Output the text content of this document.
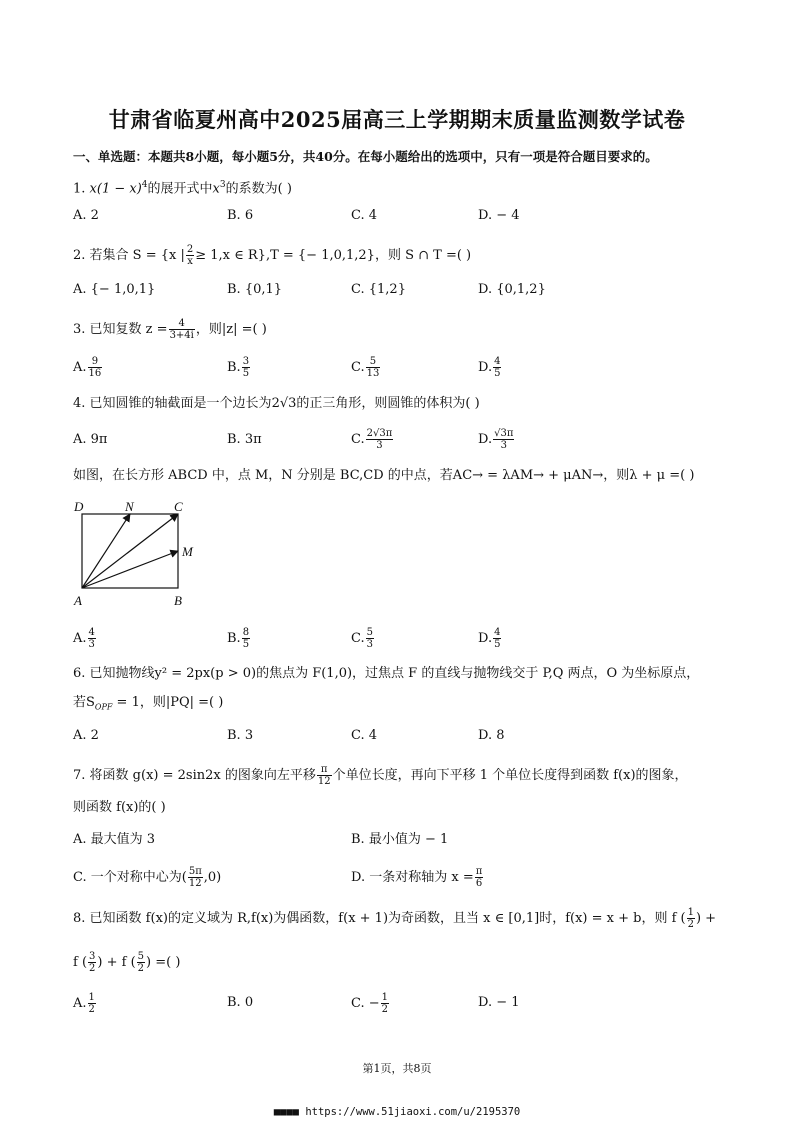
甘肃省临夏州高中2025届高三上学期期末质量监测数学试卷
一、单选题：本题共8小题，每小题5分，共40分。在每小题给出的选项中，只有一项是符合题目要求的。
1. $x(1 - x)^4$的展开式中$x^3$的系数为( )
A. 2	B. 6	C. 4	D. − 4
2. 若集合 S = {x | $\frac{2}{x} \ge 1,x$ ∈ R},T = {− 1,0,1,2}，则 S ∩ T =( )
A. {− 1,0,1}	B. {0,1}	C. {1,2}	D. {0,1,2}
3. 已知复数 $z = \frac{4}{3+4i}$ ，则|z| =( )
A. $\frac{9}{16}$	B. $\frac{3}{5}$	C. $\frac{5}{13}$	D. $\frac{4}{5}$
4. 已知圆锥的轴截面是一个边长为2√3的正三角形，则圆锥的体积为( )
A. 9π	B. 3π	C. $\frac{2√3\pi}{3}$	D. $\frac{√3\pi}{3}$
如图，在长方形 ABCD 中，点 M，N 分别是 BC,CD 的中点，若AC→ = λAM→ + μAN→，则λ + μ =( )
D	N	C
M
A	B
A. $\frac{4}{3}$	B. $\frac{8}{5}$	C. $\frac{5}{3}$	D. $\frac{4}{5}$
6. 已知抛物线y² = 2px(p > 0)的焦点为 F(1,0)，过焦点 F 的直线与抛物线交于 P,Q 两点，O 为坐标原点，
若$S_{OPF} = 1$，则|PQ| =( )
A. 2	B. 3	C. 4	D. 8
7. 将函数 g(x) = 2sin2x 的图象向左平移 $\frac{\pi}{12}$ 个单位长度，再向下平移 1 个单位长度得到函数 f(x)的图象，
则函数 f(x)的( )
A. 最大值为 3	B. 最小值为 − 1
C. 一个对称中心为( $\frac{5\pi}{12} ,0$)	D. 一条对称轴为 $x = \frac{\pi}{6}$
8. 已知函数 f(x)的定义域为 R,f(x)为偶函数，f(x + 1)为奇函数，且当 x ∈ [0,1]时，f(x) = x + b，则 f ( $\frac{1}{2}$ ) +
f ( $\frac{3}{2}$ ) + f ( $\frac{5}{2}$ ) =( )
A. $\frac{1}{2}$	B. 0	C. − $\frac{1}{2}$	D. − 1
第1页，共8页
■■■■ https://www.51jiaoxi.com/u/2195370
